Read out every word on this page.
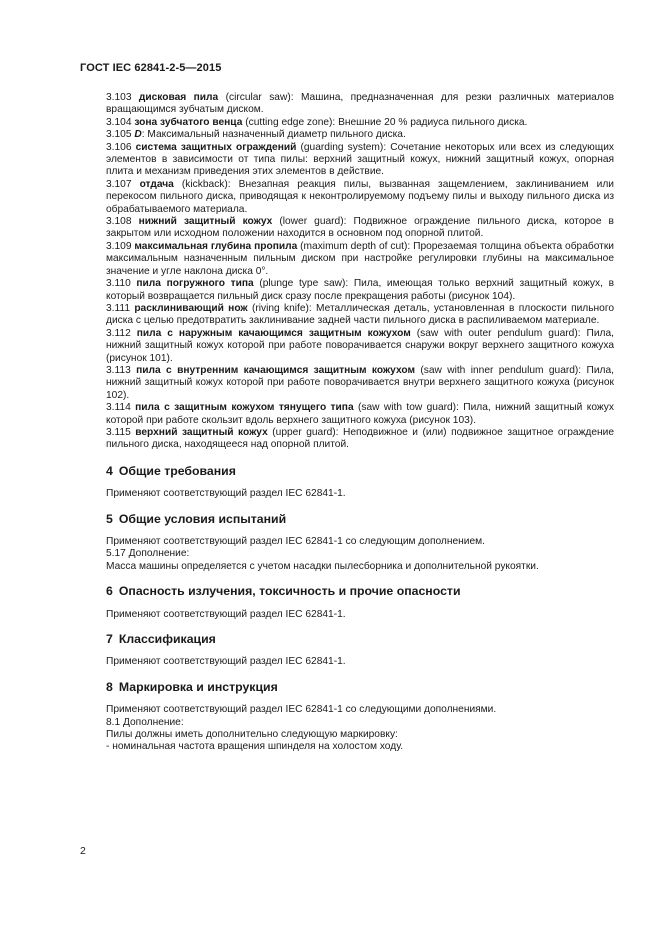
ГОСТ IEC 62841-2-5—2015
3.103 дисковая пила (circular saw): Машина, предназначенная для резки различных материалов вращающимся зубчатым диском.
3.104 зона зубчатого венца (cutting edge zone): Внешние 20 % радиуса пильного диска.
3.105 D: Максимальный назначенный диаметр пильного диска.
3.106 система защитных ограждений (guarding system): Сочетание некоторых или всех из следующих элементов в зависимости от типа пилы: верхний защитный кожух, нижний защитный кожух, опорная плита и механизм приведения этих элементов в действие.
3.107 отдача (kickback): Внезапная реакция пилы, вызванная защемлением, заклиниванием или перекосом пильного диска, приводящая к неконтролируемому подъему пилы и выходу пильного диска из обрабатываемого материала.
3.108 нижний защитный кожух (lower guard): Подвижное ограждение пильного диска, которое в закрытом или исходном положении находится в основном под опорной плитой.
3.109 максимальная глубина пропила (maximum depth of cut): Прорезаемая толщина объекта обработки максимальным назначенным пильным диском при настройке регулировки глубины на максимальное значение и угле наклона диска 0°.
3.110 пила погружного типа (plunge type saw): Пила, имеющая только верхний защитный кожух, в который возвращается пильный диск сразу после прекращения работы (рисунок 104).
3.111 расклинивающий нож (riving knife): Металлическая деталь, установленная в плоскости пильного диска с целью предотвратить заклинивание задней части пильного диска в распиливаемом материале.
3.112 пила с наружным качающимся защитным кожухом (saw with outer pendulum guard): Пила, нижний защитный кожух которой при работе поворачивается снаружи вокруг верхнего защитного кожуха (рисунок 101).
3.113 пила с внутренним качающимся защитным кожухом (saw with inner pendulum guard): Пила, нижний защитный кожух которой при работе поворачивается внутри верхнего защитного кожуха (рисунок 102).
3.114 пила с защитным кожухом тянущего типа (saw with tow guard): Пила, нижний защитный кожух которой при работе скользит вдоль верхнего защитного кожуха (рисунок 103).
3.115 верхний защитный кожух (upper guard): Неподвижное и (или) подвижное защитное ограждение пильного диска, находящееся над опорной плитой.
4 Общие требования
Применяют соответствующий раздел IEC 62841-1.
5 Общие условия испытаний
Применяют соответствующий раздел IEC 62841-1 со следующим дополнением.
5.17 Дополнение:
Масса машины определяется с учетом насадки пылесборника и дополнительной рукоятки.
6 Опасность излучения, токсичность и прочие опасности
Применяют соответствующий раздел IEC 62841-1.
7 Классификация
Применяют соответствующий раздел IEC 62841-1.
8 Маркировка и инструкция
Применяют соответствующий раздел IEC 62841-1 со следующими дополнениями.
8.1 Дополнение:
Пилы должны иметь дополнительно следующую маркировку:
- номинальная частота вращения шпинделя на холостом ходу.
2
